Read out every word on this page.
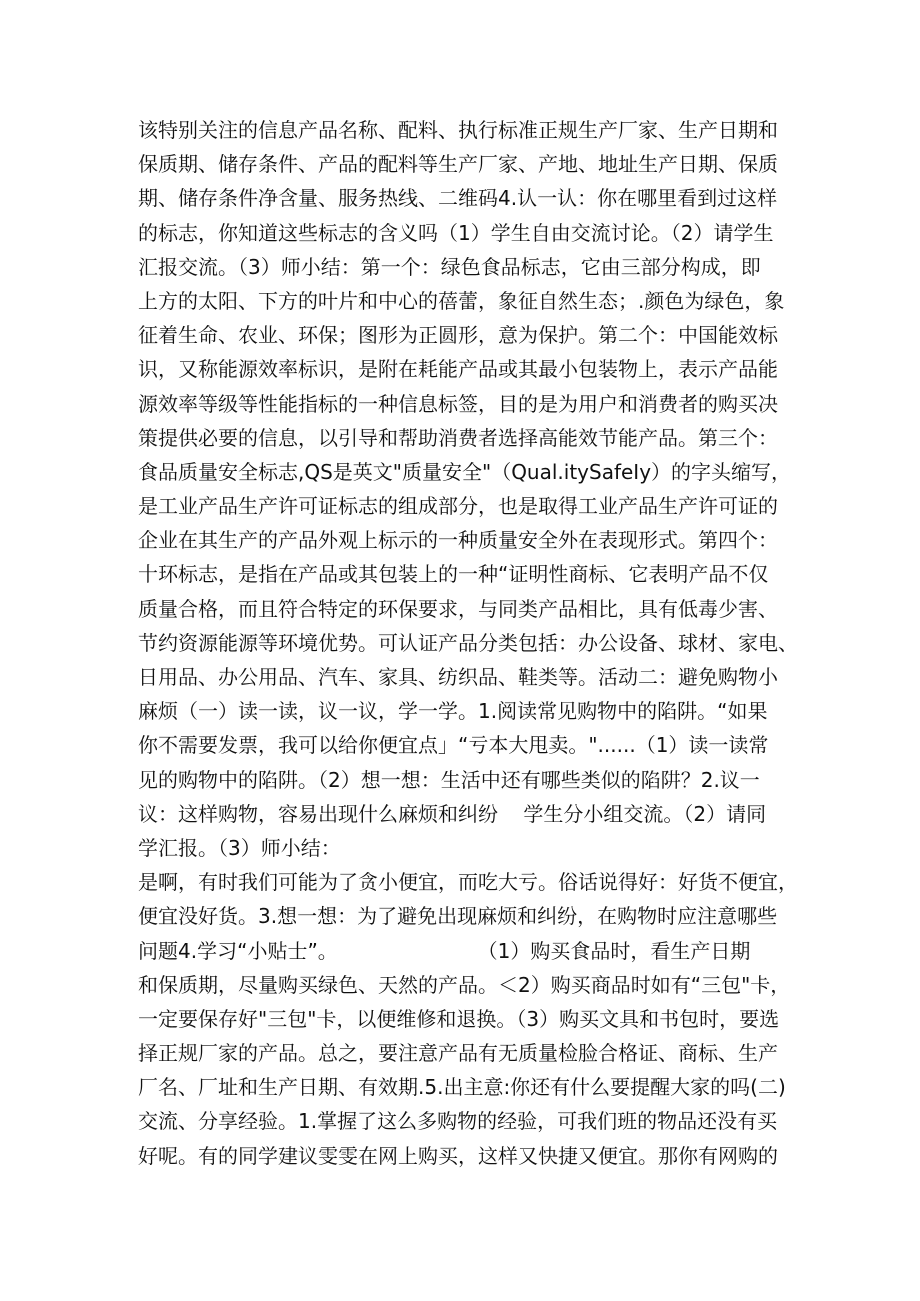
该特别关注的信息产品名称、配料、执行标准正规生产厂家、生产日期和
保质期、储存条件、产品的配料等生产厂家、产地、地址生产日期、保质
期、储存条件净含量、服务热线、二维码4.认一认：你在哪里看到过这样
的标志，你知道这些标志的含义吗（1）学生自由交流讨论。（2）请学生
汇报交流。（3）师小结：第一个：绿色食品标志，它由三部分构成，即
上方的太阳、下方的叶片和中心的蓓蕾，象征自然生态；.颜色为绿色，象
征着生命、农业、环保；图形为正圆形，意为保护。第二个：中国能效标
识，又称能源效率标识，是附在耗能产品或其最小包装物上，表示产品能
源效率等级等性能指标的一种信息标签，目的是为用户和消费者的购买决
策提供必要的信息，以引导和帮助消费者选择高能效节能产品。第三个：
食品质量安全标志,QS是英文"质量安全"（Qual.itySafeIy）的字头缩写，
是工业产品生产许可证标志的组成部分，也是取得工业产品生产许可证的
企业在其生产的产品外观上标示的一种质量安全外在表现形式。第四个：
十环标志，是指在产品或其包装上的一种“证明性商标、它表明产品不仅
质量合格，而且符合特定的环保要求，与同类产品相比，具有低毒少害、
节约资源能源等环境优势。可认证产品分类包括：办公设备、球材、家电、
日用品、办公用品、汽车、家具、纺织品、鞋类等。活动二：避免购物小
麻烦（一）读一读，议一议，学一学。1.阅读常见购物中的陷阱。“如果
你不需要发票，我可以给你便宜点」“亏本大甩卖。"......（1）读一读常
见的购物中的陷阱。（2）想一想：生活中还有哪些类似的陷阱？2.议一
议：这样购物，容易出现什么麻烦和纠纷    学生分小组交流。（2）请同
学汇报。（3）师小结：
是啊，有时我们可能为了贪小便宜，而吃大亏。俗话说得好：好货不便宜，
便宜没好货。3.想一想：为了避免出现麻烦和纠纷，在购物时应注意哪些
问题4.学习“小贴士”。                      （1）购买食品时，看生产日期
和保质期，尽量购买绿色、天然的产品。＜2）购买商品时如有“三包"卡，
一定要保存好"三包"卡，以便维修和退换。（3）购买文具和书包时，要选
择正规厂家的产品。总之，要注意产品有无质量检脸合格证、商标、生产
厂名、厂址和生产日期、有效期.5.出主意:你还有什么要提醒大家的吗(二)
交流、分享经验。1.掌握了这么多购物的经验，可我们班的物品还没有买
好呢。有的同学建议雯雯在网上购买，这样又快捷又便宜。那你有网购的
